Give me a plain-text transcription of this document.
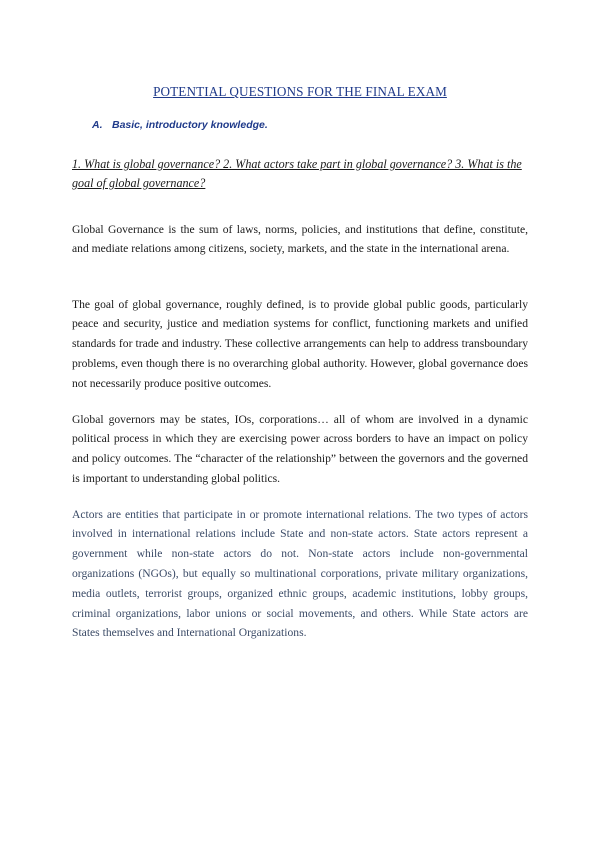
POTENTIAL QUESTIONS FOR THE FINAL EXAM
A. Basic, introductory knowledge.
1. What is global governance? 2. What actors take part in global governance? 3. What is the goal of global governance?

Global Governance is the sum of laws, norms, policies, and institutions that define, constitute, and mediate relations among citizens, society, markets, and the state in the international arena.

The goal of global governance, roughly defined, is to provide global public goods, particularly peace and security, justice and mediation systems for conflict, functioning markets and unified standards for trade and industry. These collective arrangements can help to address transboundary problems, even though there is no overarching global authority. However, global governance does not necessarily produce positive outcomes.

Global governors may be states, IOs, corporations… all of whom are involved in a dynamic political process in which they are exercising power across borders to have an impact on policy and policy outcomes. The “character of the relationship” between the governors and the governed is important to understanding global politics.

Actors are entities that participate in or promote international relations. The two types of actors involved in international relations include State and non-state actors. State actors represent a government while non-state actors do not. Non-state actors include non-governmental organizations (NGOs), but equally so multinational corporations, private military organizations, media outlets, terrorist groups, organized ethnic groups, academic institutions, lobby groups, criminal organizations, labor unions or social movements, and others. While State actors are States themselves and International Organizations.
